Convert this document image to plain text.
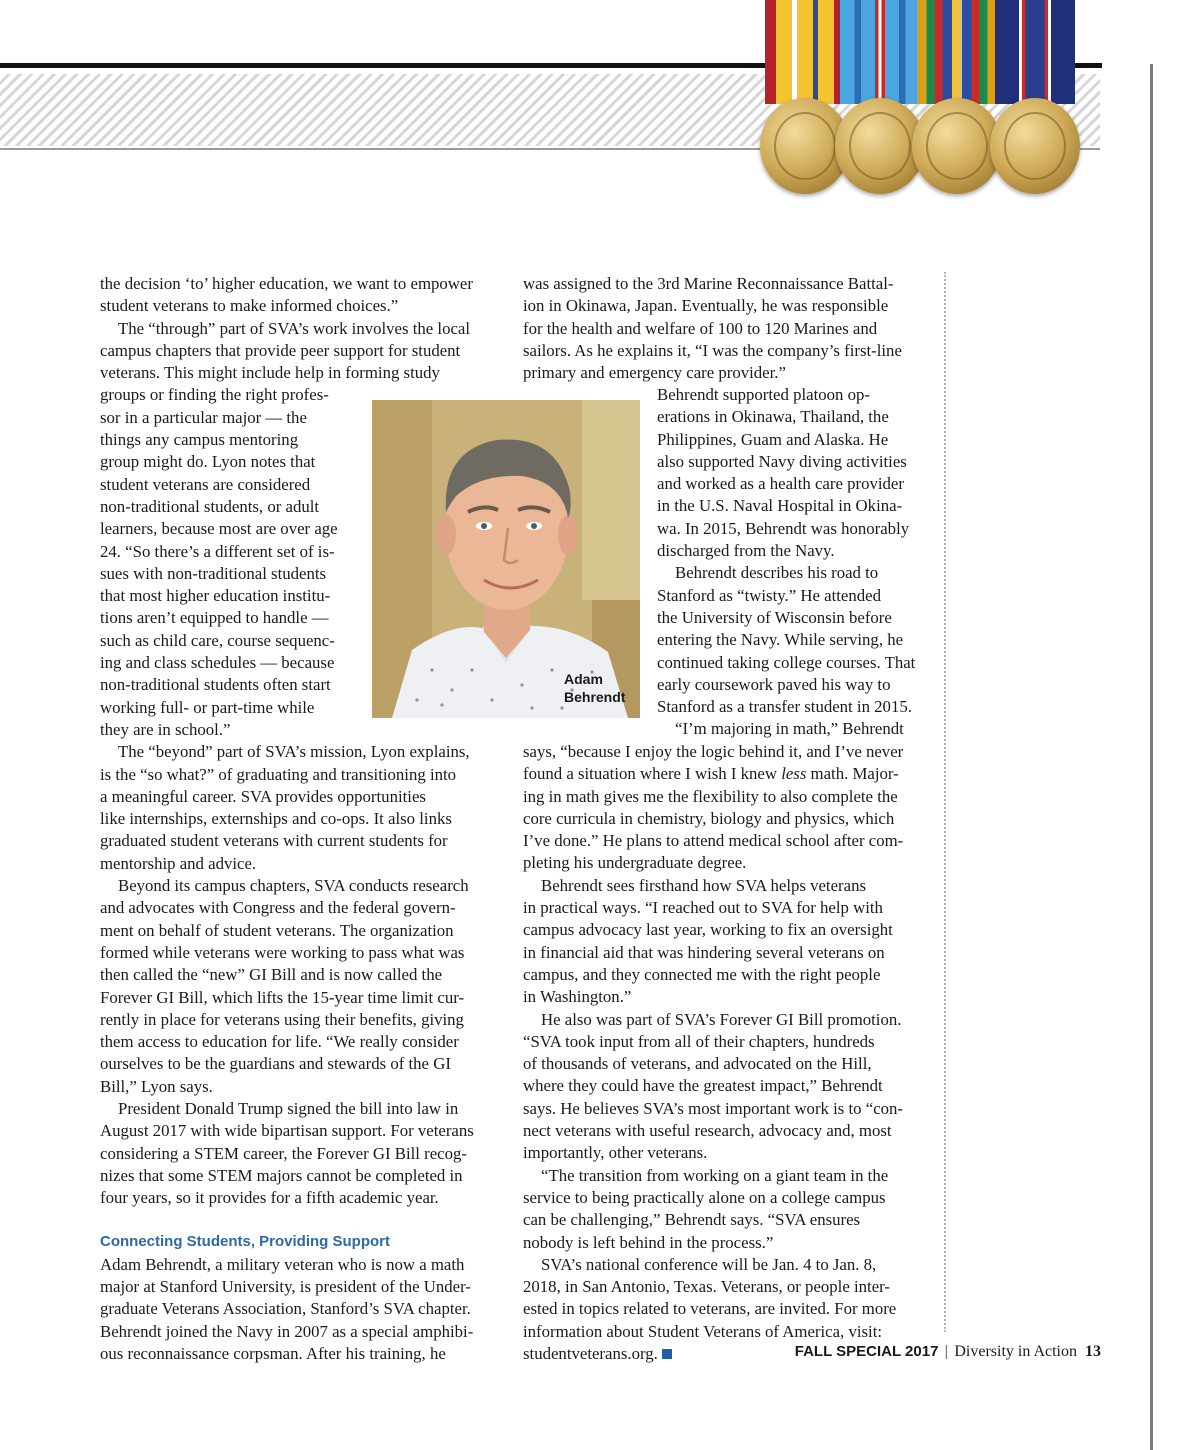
the decision ‘to’ higher education, we want to empower
student veterans to make informed choices.”

The “through” part of SVA’s work involves the local
campus chapters that provide peer support for student
veterans. This might include help in forming study
groups or finding the right profes-
sor in a particular major — the
things any campus mentoring
group might do. Lyon notes that
student veterans are considered
non-traditional students, or adult
learners, because most are over age
24. “So there’s a different set of is-
sues with non-traditional students
that most higher education institu-
tions aren’t equipped to handle —
such as child care, course sequenc-
ing and class schedules — because
non-traditional students often start
working full- or part-time while
they are in school.”

The “beyond” part of SVA’s mission, Lyon explains,
is the “so what?” of graduating and transitioning into
a meaningful career. SVA provides opportunities
like internships, externships and co-ops. It also links
graduated student veterans with current students for
mentorship and advice.

Beyond its campus chapters, SVA conducts research
and advocates with Congress and the federal govern-
ment on behalf of student veterans. The organization
formed while veterans were working to pass what was
then called the “new” GI Bill and is now called the
Forever GI Bill, which lifts the 15-year time limit cur-
rently in place for veterans using their benefits, giving
them access to education for life. “We really consider
ourselves to be the guardians and stewards of the GI
Bill,” Lyon says.

President Donald Trump signed the bill into law in
August 2017 with wide bipartisan support. For veterans
considering a STEM career, the Forever GI Bill recog-
nizes that some STEM majors cannot be completed in
four years, so it provides for a fifth academic year.

Connecting Students, Providing Support

Adam Behrendt, a military veteran who is now a math
major at Stanford University, is president of the Under-
graduate Veterans Association, Stanford’s SVA chapter.
Behrendt joined the Navy in 2007 as a special amphibi-
ous reconnaissance corpsman. After his training, he

Adam
Behrendt

was assigned to the 3rd Marine Reconnaissance Battal-
ion in Okinawa, Japan. Eventually, he was responsible
for the health and welfare of 100 to 120 Marines and
sailors. As he explains it, “I was the company’s first-line
primary and emergency care provider.”

Behrendt supported platoon op-
erations in Okinawa, Thailand, the
Philippines, Guam and Alaska. He
also supported Navy diving activities
and worked as a health care provider
in the U.S. Naval Hospital in Okina-
wa. In 2015, Behrendt was honorably
discharged from the Navy.

Behrendt describes his road to
Stanford as “twisty.” He attended
the University of Wisconsin before
entering the Navy. While serving, he
continued taking college courses. That
early coursework paved his way to
Stanford as a transfer student in 2015.

“I’m majoring in math,” Behrendt

says, “because I enjoy the logic behind it, and I’ve never
found a situation where I wish I knew less math. Major-
ing in math gives me the flexibility to also complete the
core curricula in chemistry, biology and physics, which
I’ve done.” He plans to attend medical school after com-
pleting his undergraduate degree.

Behrendt sees firsthand how SVA helps veterans
in practical ways. “I reached out to SVA for help with
campus advocacy last year, working to fix an oversight
in financial aid that was hindering several veterans on
campus, and they connected me with the right people
in Washington.”

He also was part of SVA’s Forever GI Bill promotion.
“SVA took input from all of their chapters, hundreds
of thousands of veterans, and advocated on the Hill,
where they could have the greatest impact,” Behrendt
says. He believes SVA’s most important work is to “con-
nect veterans with useful research, advocacy and, most
importantly, other veterans.

“The transition from working on a giant team in the
service to being practically alone on a college campus
can be challenging,” Behrendt says. “SVA ensures
nobody is left behind in the process.”

SVA’s national conference will be Jan. 4 to Jan. 8,
2018, in San Antonio, Texas. Veterans, or people inter-
ested in topics related to veterans, are invited. For more
information about Student Veterans of America, visit:
studentveterans.org.	FALL SPECIAL 2017 | Diversity in Action 13
